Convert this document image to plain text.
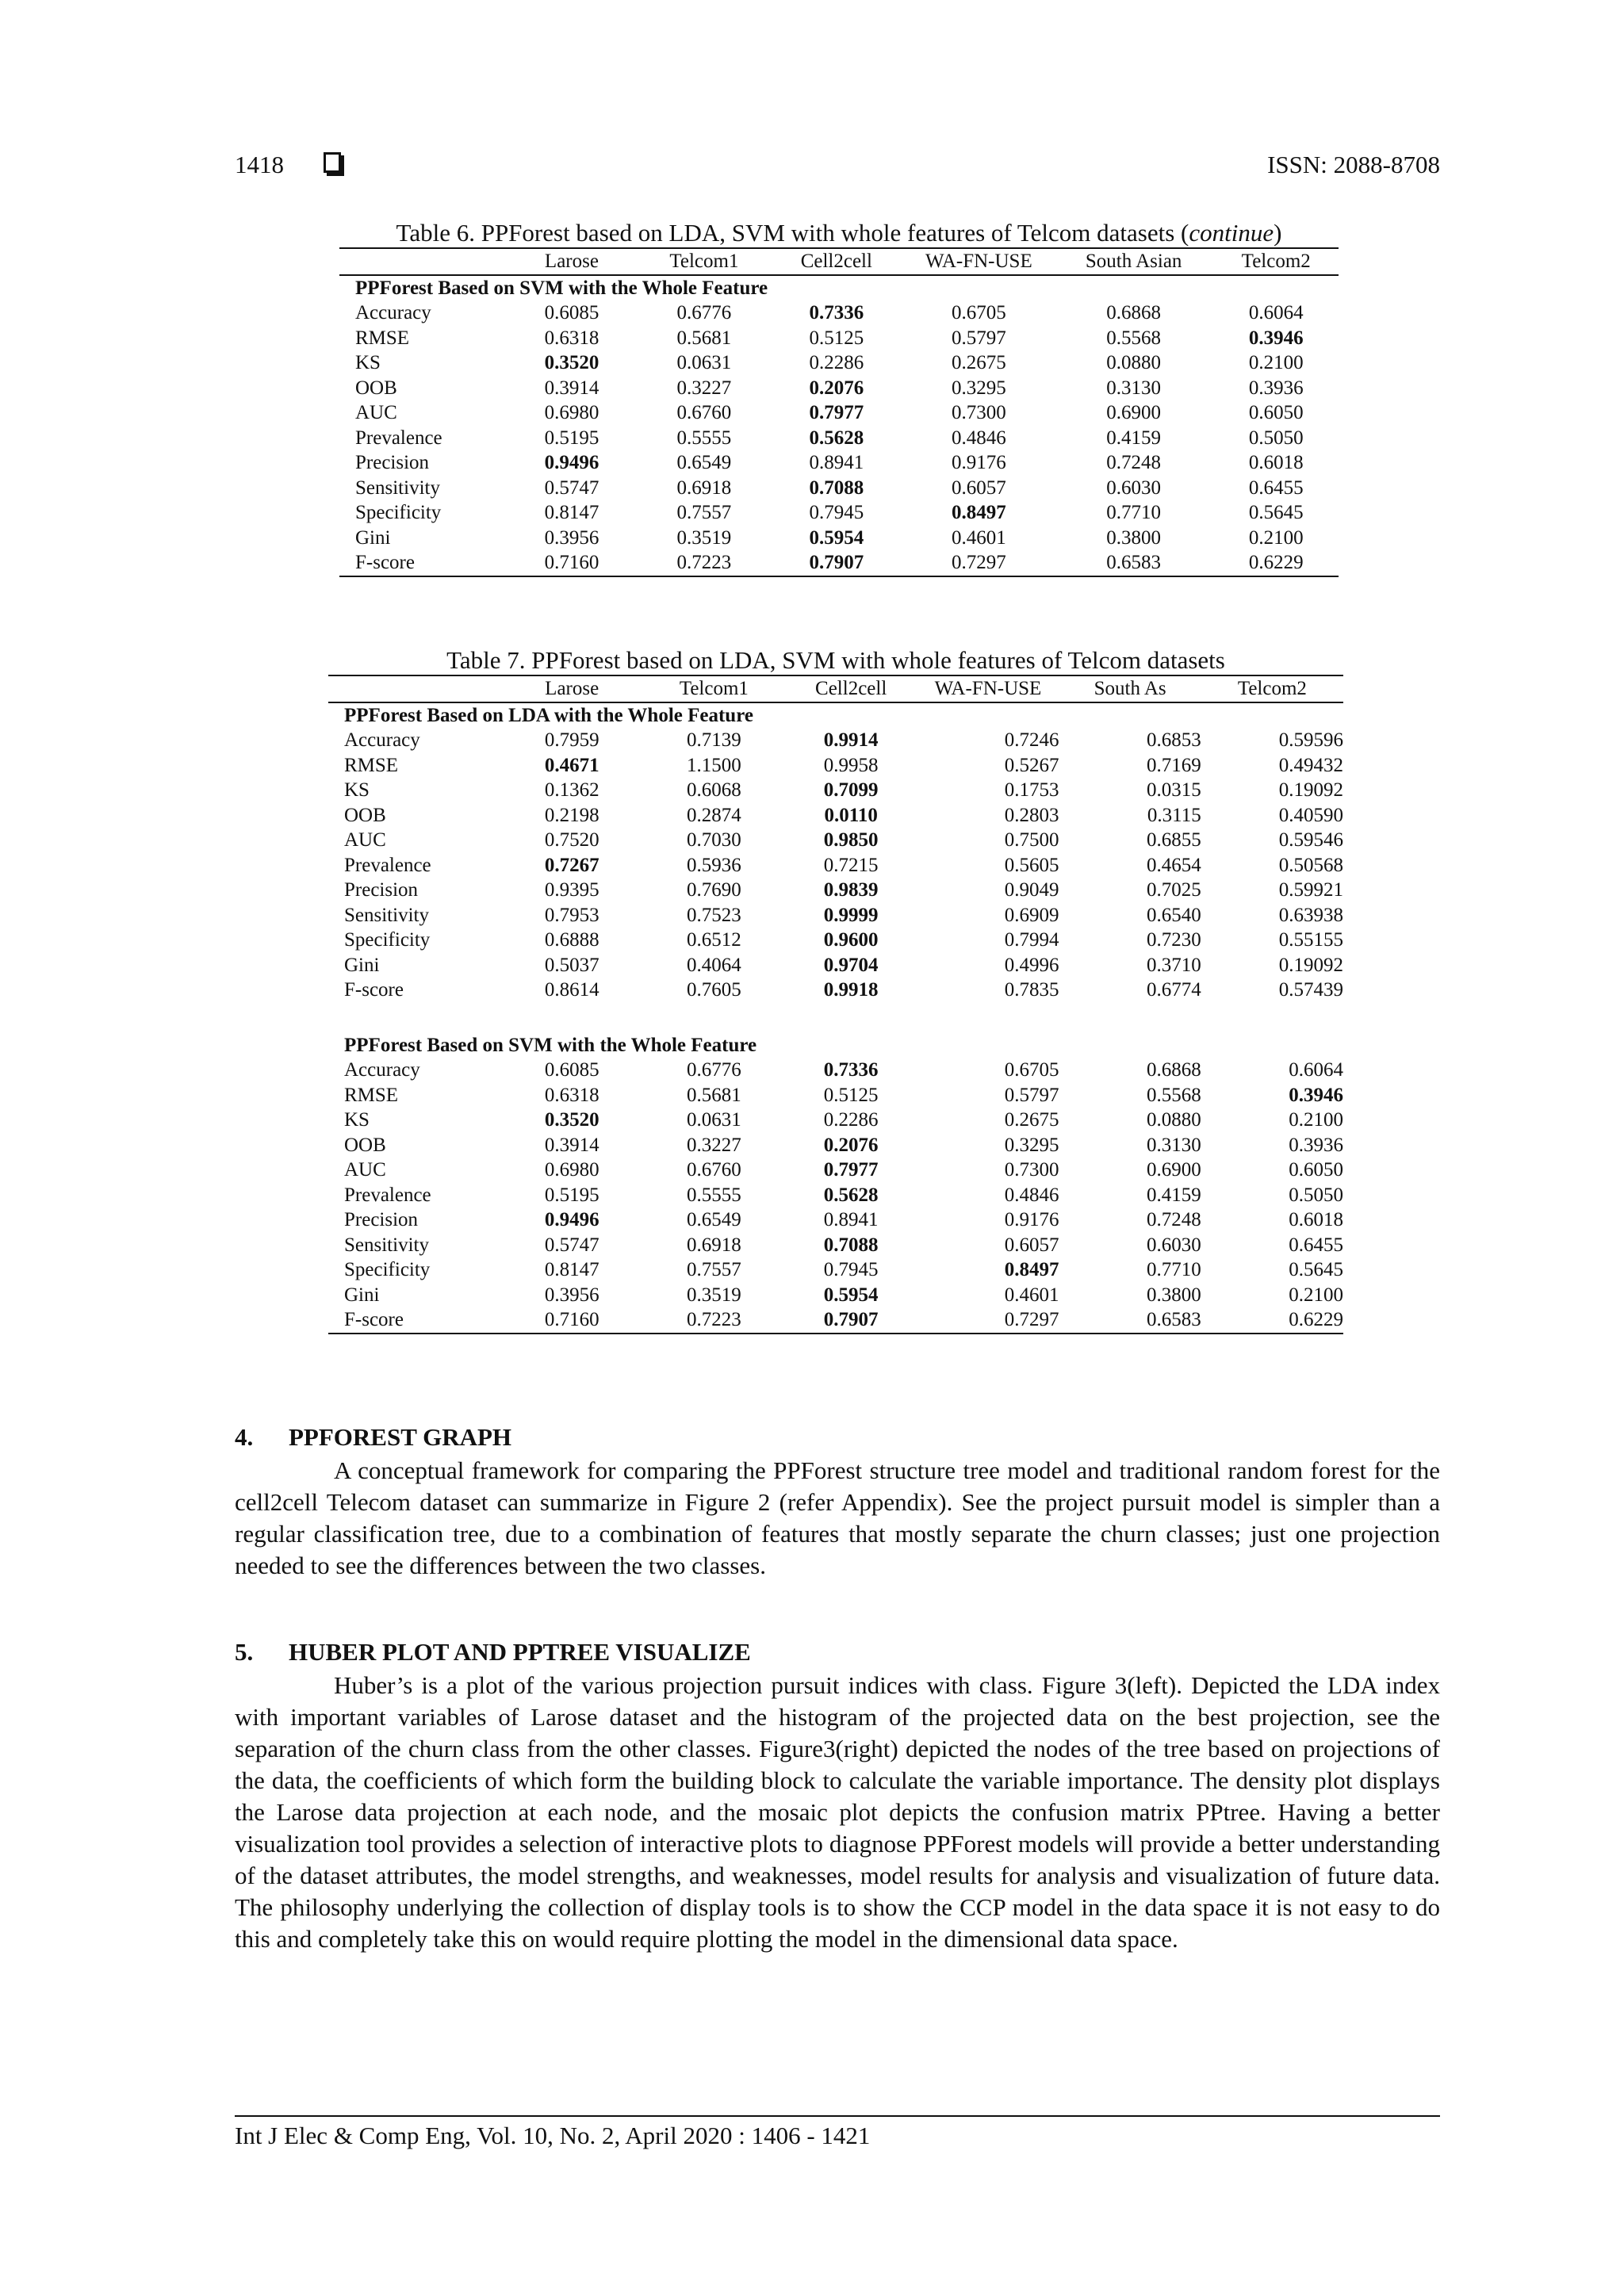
1418	ISSN: 2088-8708
Table 6. PPForest based on LDA, SVM with whole features of Telcom datasets (continue)
	Larose	Telcom1	Cell2cell	WA-FN-USE	South Asian	Telcom2
PPForest Based on SVM with the Whole Feature						
Accuracy	0.6085	0.6776	0.7336	0.6705	0.6868	0.6064
RMSE	0.6318	0.5681	0.5125	0.5797	0.5568	0.3946
KS	0.3520	0.0631	0.2286	0.2675	0.0880	0.2100
OOB	0.3914	0.3227	0.2076	0.3295	0.3130	0.3936
AUC	0.6980	0.6760	0.7977	0.7300	0.6900	0.6050
Prevalence	0.5195	0.5555	0.5628	0.4846	0.4159	0.5050
Precision	0.9496	0.6549	0.8941	0.9176	0.7248	0.6018
Sensitivity	0.5747	0.6918	0.7088	0.6057	0.6030	0.6455
Specificity	0.8147	0.7557	0.7945	0.8497	0.7710	0.5645
Gini	0.3956	0.3519	0.5954	0.4601	0.3800	0.2100
F-score	0.7160	0.7223	0.7907	0.7297	0.6583	0.6229
Table 7. PPForest based on LDA, SVM with whole features of Telcom datasets
	Larose	Telcom1	Cell2cell	WA-FN-USE	South As	Telcom2
PPForest Based on LDA with the Whole Feature						
Accuracy	0.7959	0.7139	0.9914	0.7246	0.6853	0.59596
RMSE	0.4671	1.1500	0.9958	0.5267	0.7169	0.49432
KS	0.1362	0.6068	0.7099	0.1753	0.0315	0.19092
OOB	0.2198	0.2874	0.0110	0.2803	0.3115	0.40590
AUC	0.7520	0.7030	0.9850	0.7500	0.6855	0.59546
Prevalence	0.7267	0.5936	0.7215	0.5605	0.4654	0.50568
Precision	0.9395	0.7690	0.9839	0.9049	0.7025	0.59921
Sensitivity	0.7953	0.7523	0.9999	0.6909	0.6540	0.63938
Specificity	0.6888	0.6512	0.9600	0.7994	0.7230	0.55155
Gini	0.5037	0.4064	0.9704	0.4996	0.3710	0.19092
F-score	0.8614	0.7605	0.9918	0.7835	0.6774	0.57439

PPForest Based on SVM with the Whole Feature						
Accuracy	0.6085	0.6776	0.7336	0.6705	0.6868	0.6064
RMSE	0.6318	0.5681	0.5125	0.5797	0.5568	0.3946
KS	0.3520	0.0631	0.2286	0.2675	0.0880	0.2100
OOB	0.3914	0.3227	0.2076	0.3295	0.3130	0.3936
AUC	0.6980	0.6760	0.7977	0.7300	0.6900	0.6050
Prevalence	0.5195	0.5555	0.5628	0.4846	0.4159	0.5050
Precision	0.9496	0.6549	0.8941	0.9176	0.7248	0.6018
Sensitivity	0.5747	0.6918	0.7088	0.6057	0.6030	0.6455
Specificity	0.8147	0.7557	0.7945	0.8497	0.7710	0.5645
Gini	0.3956	0.3519	0.5954	0.4601	0.3800	0.2100
F-score	0.7160	0.7223	0.7907	0.7297	0.6583	0.6229
4. PPFOREST GRAPH
A conceptual framework for comparing the PPForest structure tree model and traditional random forest for the cell2cell Telecom dataset can summarize in Figure 2 (refer Appendix). See the project pursuit model is simpler than a regular classification tree, due to a combination of features that mostly separate the churn classes; just one projection needed to see the differences between the two classes.
5. HUBER PLOT AND PPTREE VISUALIZE
Huber’s is a plot of the various projection pursuit indices with class. Figure 3(left). Depicted the LDA index with important variables of Larose dataset and the histogram of the projected data on the best projection, see the separation of the churn class from the other classes. Figure3(right) depicted the nodes of the tree based on projections of the data, the coefficients of which form the building block to calculate the variable importance. The density plot displays the Larose data projection at each node, and the mosaic plot depicts the confusion matrix PPtree. Having a better visualization tool provides a selection of interactive plots to diagnose PPForest models will provide a better understanding of the dataset attributes, the model strengths, and weaknesses, model results for analysis and visualization of future data. The philosophy underlying the collection of display tools is to show the CCP model in the data space it is not easy to do this and completely take this on would require plotting the model in the dimensional data space.
Int J Elec & Comp Eng, Vol. 10, No. 2, April 2020 : 1406 - 1421
